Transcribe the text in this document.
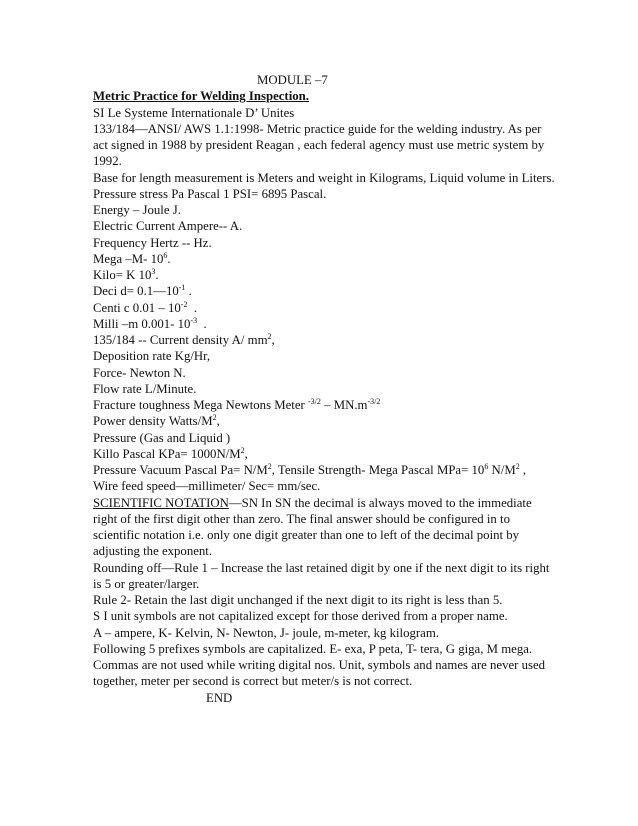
MODULE –7
Metric Practice for Welding Inspection.
SI Le Systeme Internationale D’ Unites
133/184—ANSI/ AWS 1.1:1998- Metric practice guide for the welding industry. As per act signed in 1988 by president Reagan , each federal agency must use metric system by 1992.
Base for length measurement is Meters and weight in Kilograms, Liquid volume in Liters. Pressure stress Pa Pascal 1 PSI= 6895 Pascal.
Energy – Joule J.
Electric Current Ampere-- A.
Frequency Hertz -- Hz.
Mega –M- $10^6$.
Kilo= K $10^3$.
Deci $d= 0.1—10^{-1}$ .
Centi c $0.01 - 10^{-2}$  .
Milli –m 0.001- $10^{-3}$  .
135/184 -- Current density A/ $mm^2$,
Deposition rate Kg/Hr,
Force- Newton N.
Flow rate L/Minute.
Fracture toughness Mega Newtons Meter $^{-3/2} - MN.m^{-3/2}$
Power density Watts/$M^2$,
Pressure (Gas and Liquid )
Killo Pascal $KPa= 1000N/M^2$,
Pressure Vacuum Pascal $Pa= N/M^2$, Tensile Strength- Mega Pascal $MPa= 10^6$ $N/M^2$ ,
Wire feed speed—millimeter/ Sec= mm/sec.
SCIENTIFIC NOTATION—SN In SN the decimal is always moved to the immediate right of the first digit other than zero. The final answer should be configured in to scientific notation i.e. only one digit greater than one to left of the decimal point by adjusting the exponent.
Rounding off—Rule 1 – Increase the last retained digit by one if the next digit to its right is 5 or greater/larger.
Rule 2- Retain the last digit unchanged if the next digit to its right is less than 5.
S I unit symbols are not capitalized except for those derived from a proper name.
A – ampere, K- Kelvin, N- Newton, J- joule, m-meter, kg kilogram.
Following 5 prefixes symbols are capitalized. E- exa, P peta, T- tera, G giga, M mega.
Commas are not used while writing digital nos. Unit, symbols and names are never used together, meter per second is correct but meter/s is not correct.
END
